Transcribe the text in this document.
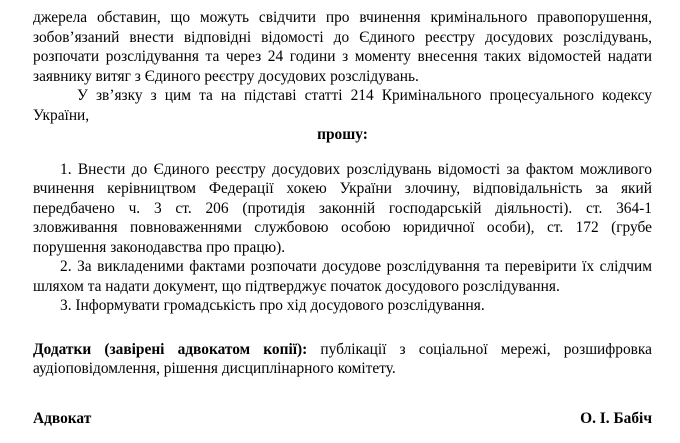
джерела обставин, що можуть свідчити про вчинення кримінального правопорушення,
зобов’язаний внести відповідні відомості до Єдиного реєстру досудових розслідувань,
розпочати розслідування та через 24 години з моменту внесення таких відомостей надати
заявнику витяг з Єдиного реєстру досудових розслідувань.
У зв’язку з цим та на підставі статті 214 Кримінального процесуального кодексу
України,
прошу:
1. Внести до Єдиного реєстру досудових розслідувань відомості за фактом можливого
вчинення керівництвом Федерації хокею України злочину, відповідальність за який
передбачено ч. 3 ст. 206 (протидія законній господарській діяльності). ст. 364-1
зловживання повноваженнями службовою особою юридичної особи), ст. 172 (грубе
порушення законодавства про працю).
2. За викладеними фактами розпочати досудове розслідування та перевірити їх слідчим
шляхом та надати документ, що підтверджує початок досудового розслідування.
3. Інформувати громадськість про хід досудового розслідування.
Додатки (завірені адвокатом копії): публікації з соціальної мережі, розшифровка
аудіоповідомлення, рішення дисциплінарного комітету.
Адвокат	О. І. Бабіч
